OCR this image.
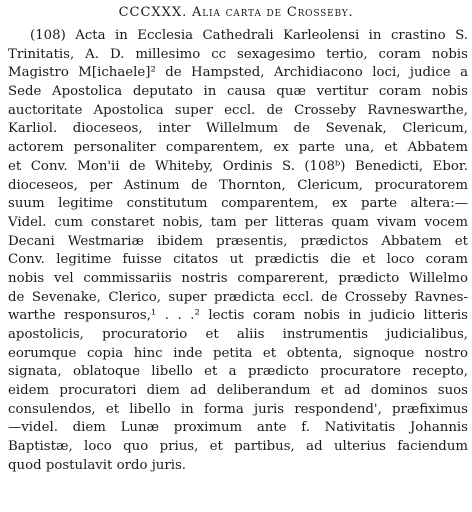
CCCXXX. Alia carta de Crosseby.
(108) Acta in Ecclesia Cathedrali Karleolensi in crastino S.
Trinitatis, A. D. millesimo cc sexagesimo tertio, coram nobis
Magistro M[ichaele]² de Hampsted, Archidiacono loci, judice a
Sede Apostolica deputato in causa quæ vertitur coram nobis
auctoritate Apostolica super eccl. de Crosseby Ravneswarthe,
Karliol. dioceseos, inter Willelmum de Sevenak, Clericum,
actorem personaliter comparentem, ex parte una, et Abbatem
et Conv. Mon'ii de Whiteby, Ordinis S. (108ᵇ) Benedicti, Ebor.
dioceseos, per Astinum de Thornton, Clericum, procuratorem
suum legitime constitutum comparentem, ex parte altera:—
Videl. cum constaret nobis, tam per litteras quam vivam vocem
Decani Westmariæ ibidem præsentis, prædictos Abbatem et
Conv. legitime fuisse citatos ut prædictis die et loco coram
nobis vel commissariis nostris comparerent, prædicto Willelmo
de Sevenake, Clerico, super prædicta eccl. de Crosseby Ravnes-
warthe responsuros,¹ . . .² lectis coram nobis in judicio litteris
apostolicis, procuratorio et aliis instrumentis judicialibus,
eorumque copia hinc inde petita et obtenta, signoque nostro
signata, oblatoque libello et a prædicto procuratore recepto,
eidem procuratori diem ad deliberandum et ad dominos suos
consulendos, et libello in forma juris respondend', præfiximus
—videl. diem Lunæ proximum ante f. Nativitatis Johannis
Baptistæ, loco quo prius, et partibus, ad ulterius faciendum
quod postulavit ordo juris.
